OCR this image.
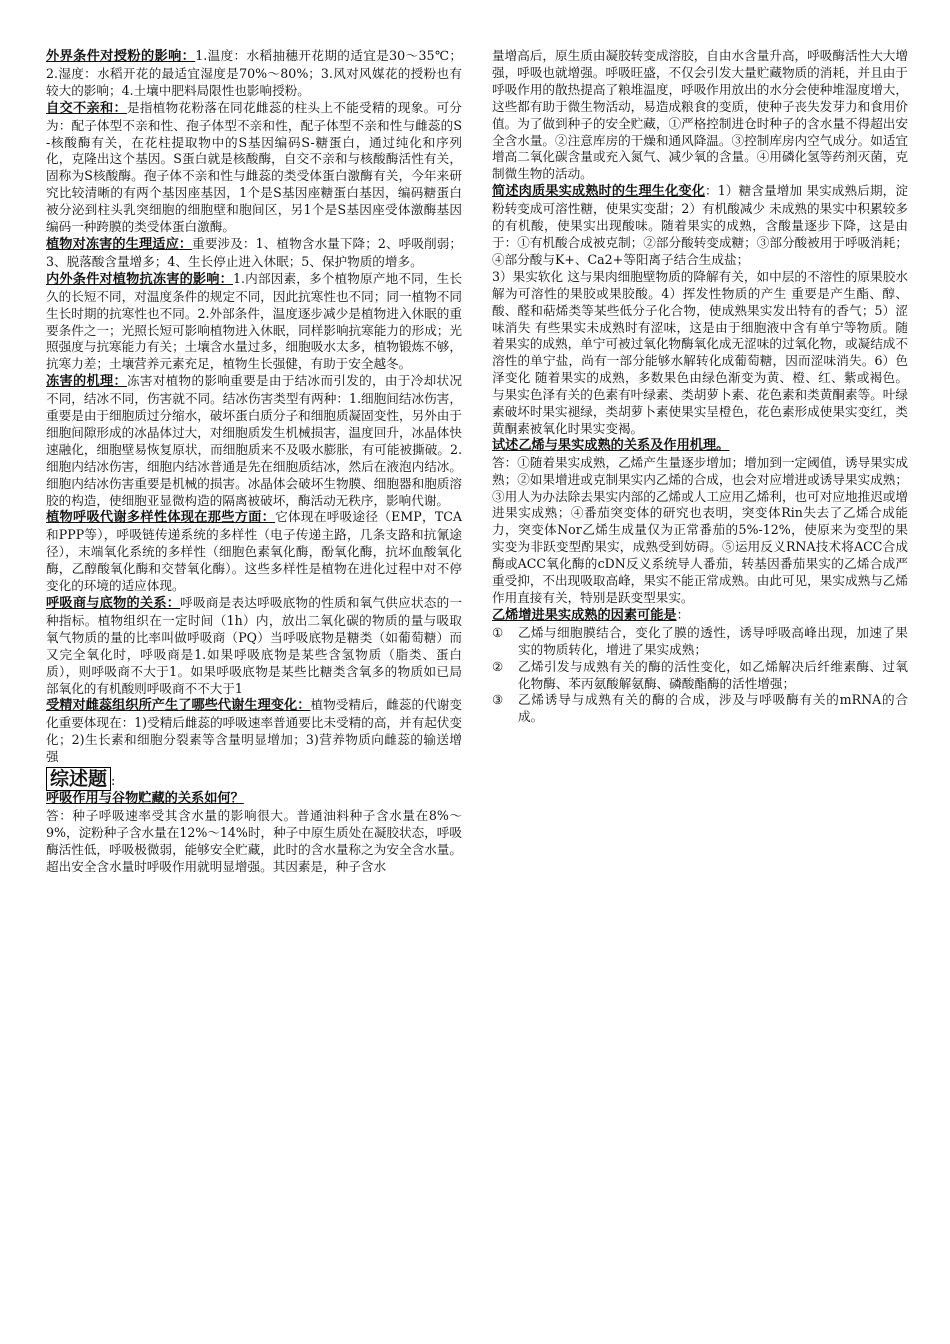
外界条件对授粉的影响：1.温度：水稻抽穗开花期的适宜是30～35℃；2.湿度：水稻开花的最适宜湿度是70%～80%；3.风对风媒花的授粉也有较大的影响；4.土壤中肥料局限性也影响授粉。

自交不亲和：是指植物花粉落在同花雌蕊的柱头上不能受精的现象。可分为：配子体型不亲和性、孢子体型不亲和性，配子体型不亲和性与雌蕊的S-核酸酶有关，在花柱提取物中的S基因编码S-糖蛋白，通过纯化和序列化，克隆出这个基因。S蛋白就是核酸酶，自交不亲和与核酸酶活性有关，固称为S核酸酶。孢子体不亲和性与雌蕊的类受体蛋白激酶有关，今年来研究比较清晰的有两个基因座基因，1个是S基因座糖蛋白基因，编码糖蛋白被分泌到柱头乳突细胞的细胞壁和胞间区，另1个是S基因座受体激酶基因编码一种跨膜的类受体蛋白激酶。

植物对冻害的生理适应：重要涉及：1、植物含水量下降；2、呼吸削弱；3、脱落酸含量增多；4、生长停止进入休眠；5、保护物质的增多。

内外条件对植物抗冻害的影响：1.内部因素，多个植物原产地不同，生长久的长短不同，对温度条件的规定不同，因此抗寒性也不同；同一植物不同生长时期的抗寒性也不同。2.外部条件，温度逐步减少是植物进入休眠的重要条件之一；光照长短可影响植物进入休眠，同样影响抗寒能力的形成；光照强度与抗寒能力有关；土壤含水量过多，细胞吸水太多，植物锻炼不够，抗寒力差；土壤营养元素充足，植物生长强健，有助于安全越冬。

冻害的机理：冻害对植物的影响重要是由于结冰而引发的，由于冷却状况不同，结冰不同，伤害就不同。结冰伤害类型有两种：1.细胞间结冰伤害，重要是由于细胞质过分缩水，破坏蛋白质分子和细胞质凝固变性，另外由于细胞间隙形成的冰晶体过大，对细胞质发生机械损害，温度回升，冰晶体快速融化，细胞壁易恢复原状，而细胞质来不及吸水膨胀，有可能被撕破。2.细胞内结冰伤害，细胞内结冰普通是先在细胞质结冰，然后在液泡内结冰。细胞内结冰伤害重要是机械的损害。冰晶体会破坏生物膜、细胞器和胞质溶胶的构造，使细胞亚显微构造的隔离被破坏，酶活动无秩序，影响代谢。

植物呼吸代谢多样性体现在那些方面：它体现在呼吸途径（EMP，TCA和PPP等），呼吸链传递系统的多样性（电子传递主路，几条支路和抗氰途径），末端氧化系统的多样性（细胞色素氧化酶，酚氧化酶，抗坏血酸氧化酶，乙醇酸氧化酶和交替氧化酶）。这些多样性是植物在进化过程中对不停变化的环境的适应体现。

呼吸商与底物的关系：呼吸商是表达呼吸底物的性质和氧气供应状态的一种指标。植物组织在一定时间（1h）内，放出二氧化碳的物质的量与吸取氧气物质的量的比率叫做呼吸商（PQ）当呼吸底物是糖类（如葡萄糖）而又完全氧化时，呼吸商是1.如果呼吸底物是某些含氢物质（脂类、蛋白质），则呼吸商不大于1。如果呼吸底物是某些比糖类含氧多的物质如已局部氧化的有机酸则呼吸商不不大于1

受精对雌蕊组织所产生了哪些代谢生理变化：植物受精后，雌蕊的代谢变化重要体现在：1)受精后雌蕊的呼吸速率普通要比未受精的高，并有起伏变化；2)生长素和细胞分裂素等含量明显增加；3)营养物质向雌蕊的输送增强

综述题 :

呼吸作用与谷物贮藏的关系如何？

答：种子呼吸速率受其含水量的影响很大。普通油料种子含水量在8%～9%，淀粉种子含水量在12%～14%时，种子中原生质处在凝胶状态，呼吸酶活性低，呼吸极微弱，能够安全贮藏，此时的含水量称之为安全含水量。超出安全含水量时呼吸作用就明显增强。其因素是，种子含水

量增高后，原生质由凝胶转变成溶胶，自由水含量升高，呼吸酶活性大大增强，呼吸也就增强。呼吸旺盛，不仅会引发大量贮藏物质的消耗，并且由于呼吸作用的散热提高了粮堆温度，呼吸作用放出的水分会使种堆湿度增大，这些都有助于微生物活动，易造成粮食的变质，使种子丧失发芽力和食用价值。为了做到种子的安全贮藏，①严格控制进仓时种子的含水量不得超出安全含水量。②注意库房的干燥和通风降温。③控制库房内空气成分。如适宜增高二氧化碳含量或充入氮气、减少氧的含量。④用磷化氢等药剂灭菌，克制微生物的活动。

简述肉质果实成熟时的生理生化变化：1）糖含量增加 果实成熟后期，淀粉转变成可溶性糖，使果实变甜；2）有机酸减少 未成熟的果实中积累较多的有机酸，使果实出现酸味。随着果实的成熟，含酸量逐步下降，这是由于：①有机酸合成被克制；②部分酸转变成糖；③部分酸被用于呼吸消耗；④部分酸与K+、Ca2+等阳离子结合生成盐；

3）果实软化 这与果肉细胞壁物质的降解有关，如中层的不溶性的原果胶水解为可溶性的果胶或果胶酸。4）挥发性物质的产生 重要是产生酯、醇、酸、醛和萜烯类等某些低分子化合物，使成熟果实发出特有的香气；5）涩味消失 有些果实未成熟时有涩味，这是由于细胞液中含有单宁等物质。随着果实的成熟，单宁可被过氧化物酶氧化成无涩味的过氧化物，或凝结成不溶性的单宁盐，尚有一部分能够水解转化成葡萄糖，因而涩味消失。6）色泽变化 随着果实的成熟，多数果色由绿色渐变为黄、橙、红、紫或褐色。与果实色泽有关的色素有叶绿素、类胡萝卜素、花色素和类黄酮素等。叶绿素破坏时果实褪绿，类胡萝卜素使果实呈橙色，花色素形成使果实变红，类黄酮素被氧化时果实变褐。

试述乙烯与果实成熟的关系及作用机理。

答：①随着果实成熟，乙烯产生量逐步增加；增加到一定阈值，诱导果实成熟；②如果增进或克制果实内乙烯的合成，也会对应增进或诱导果实成熟；③用人为办法除去果实内部的乙烯或人工应用乙烯利，也可对应地推迟或增进果实成熟；④番茄突变体的研究也表明，突变体Rin失去了乙烯合成能力，突变体Nor乙烯生成量仅为正常番茄的5%-12%，使原来为变型的果实变为非跃变型酌果实，成熟受到妨碍。⑤运用反义RNA技术将ACC合成酶或ACC氧化酶的cDN反义系统导人番茄，转基因番茄果实的乙烯合成严重受抑，不出现吸取高峰，果实不能正常成熟。由此可见，果实成熟与乙烯作用直接有关，特别是跃变型果实。

乙烯增进果实成熟的因素可能是：

①	乙烯与细胞膜结合，变化了膜的透性，诱导呼吸高峰出现，加速了果实的物质转化，增进了果实成熟；
②	乙烯引发与成熟有关的酶的活性变化，如乙烯解决后纤维素酶、过氧化物酶、苯丙氨酸解氨酶、磷酸酯酶的活性增强；
③	乙烯诱导与成熟有关的酶的合成，涉及与呼吸酶有关的mRNA的合成。
